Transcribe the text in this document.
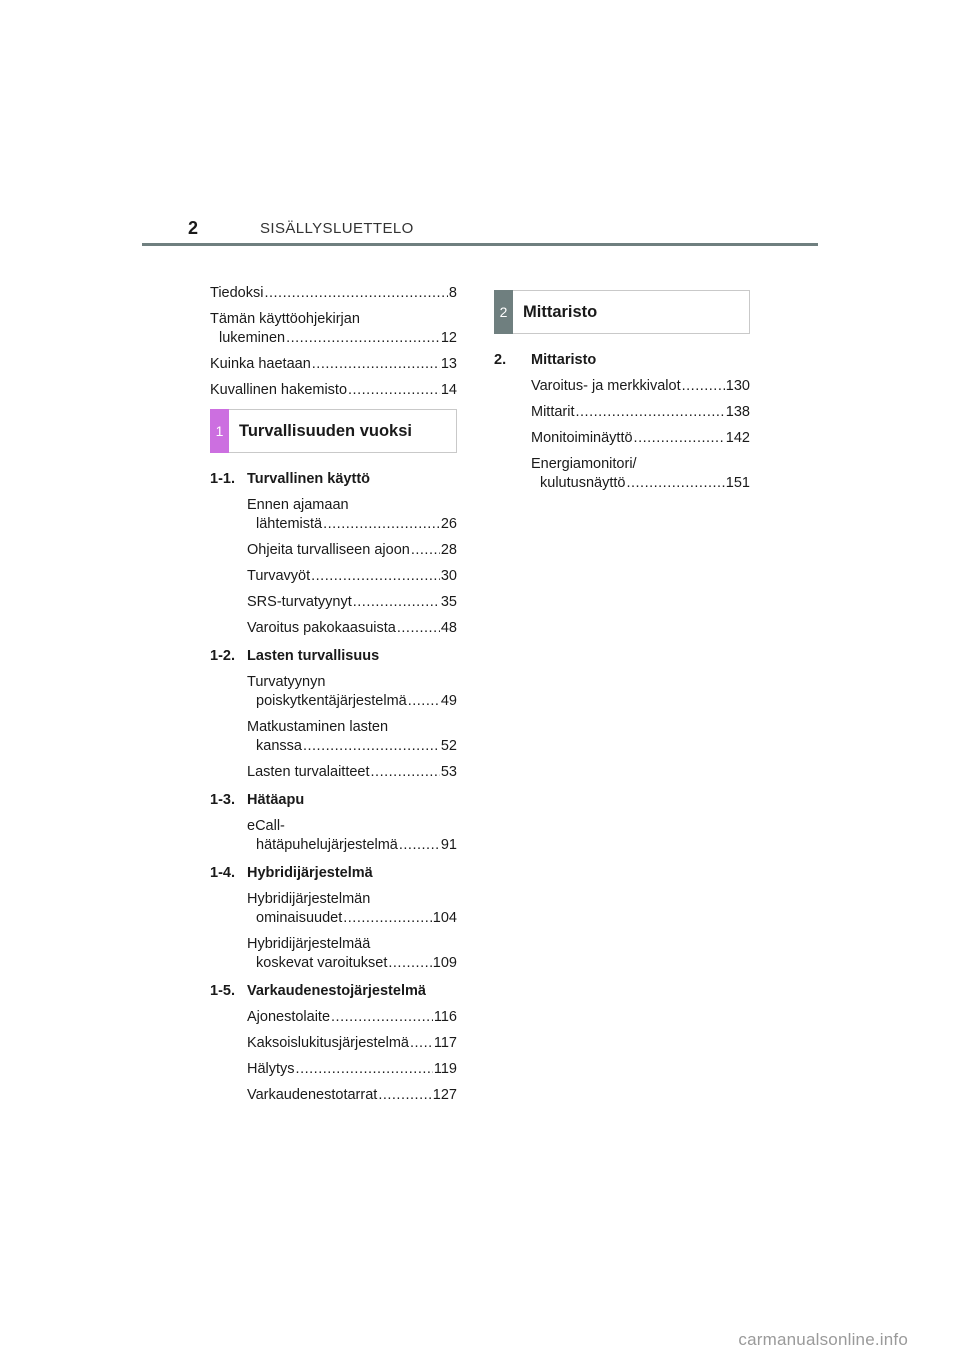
2	SISÄLLYSLUETTELO
Tiedoksi .....	8
Tämän käyttöohjekirjan
lukeminen .....	12
Kuinka haetaan .....	13
Kuvallinen hakemisto .....	14
1 Turvallisuuden vuoksi
1-1. Turvallinen käyttö
Ennen ajamaan
lähtemistä .....	26
Ohjeita turvalliseen ajoon ..... 28
Turvavyöt .....	30
SRS-turvatyynyt .....	35
Varoitus pakokaasuista .....	48
1-2. Lasten turvallisuus
Turvatyynyn
poiskytkentäjärjestelmä ..... 49
Matkustaminen lasten
kanssa .....	52
Lasten turvalaitteet .....	53
1-3. Hätäapu
eCall-
hätäpuhelujärjestelmä .....	91
1-4. Hybridijärjestelmä
Hybridijärjestelmän
ominaisuudet .....	104
Hybridijärjestelmää
koskevat varoitukset .....	109
1-5. Varkaudenestojärjestelmä
Ajonestolaite .....	116
Kaksoislukitusjärjestelmä ..... 117
Hälytys .....	119
Varkaudenestotarrat .....	127
2 Mittaristo
2.	Mittaristo
Varoitus- ja merkkivalot .....	130
Mittarit .....	138
Monitoiminäyttö .....	142
Energiamonitori/
kulutusnäyttö .....	151
carmanualsonline.info
